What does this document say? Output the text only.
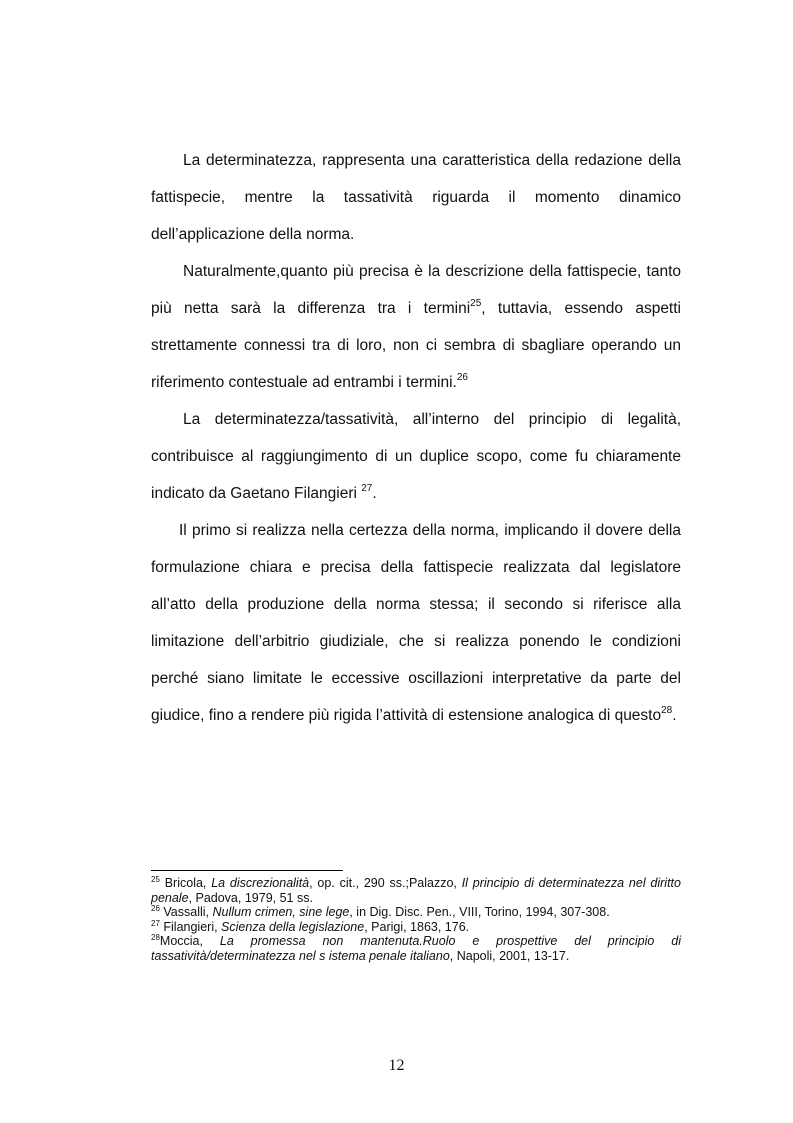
La determinatezza, rappresenta una caratteristica della redazione della fattispecie, mentre la tassatività riguarda il momento dinamico dell’applicazione della norma.

Naturalmente,quanto più precisa è la descrizione della fattispecie, tanto più netta sarà la differenza tra i termini$^{25}$, tuttavia, essendo aspetti strettamente connessi tra di loro, non ci sembra di sbagliare operando un riferimento contestuale ad entrambi i termini.$^{26}$

La determinatezza/tassatività, all’interno del principio di legalità, contribuisce al raggiungimento di un duplice scopo, come fu chiaramente indicato da Gaetano Filangieri $^{27}$.

Il primo si realizza nella certezza della norma, implicando il dovere della formulazione chiara e precisa della fattispecie realizzata dal legislatore all’atto della produzione della norma stessa; il secondo si riferisce alla limitazione dell’arbitrio giudiziale, che si realizza ponendo le condizioni perché siano limitate le eccessive oscillazioni interpretative da parte del giudice, fino a rendere più rigida l’attività di estensione analogica di questo$^{28}$.

$^{25}$ Bricola, La discrezionalità, op. cit., 290 ss.;Palazzo, Il principio di determinatezza nel diritto penale, Padova, 1979, 51 ss.

$^{26}$ Vassalli, Nullum crimen, sine lege, in Dig. Disc. Pen., VIII, Torino, 1994, 307-308.

$^{27}$ Filangieri, Scienza della legislazione, Parigi, 1863, 176.

$^{28}$Moccia, La promessa non mantenuta.Ruolo e prospettive del principio di tassatività/determinatezza nel s istema penale italiano, Napoli, 2001, 13-17.

12
